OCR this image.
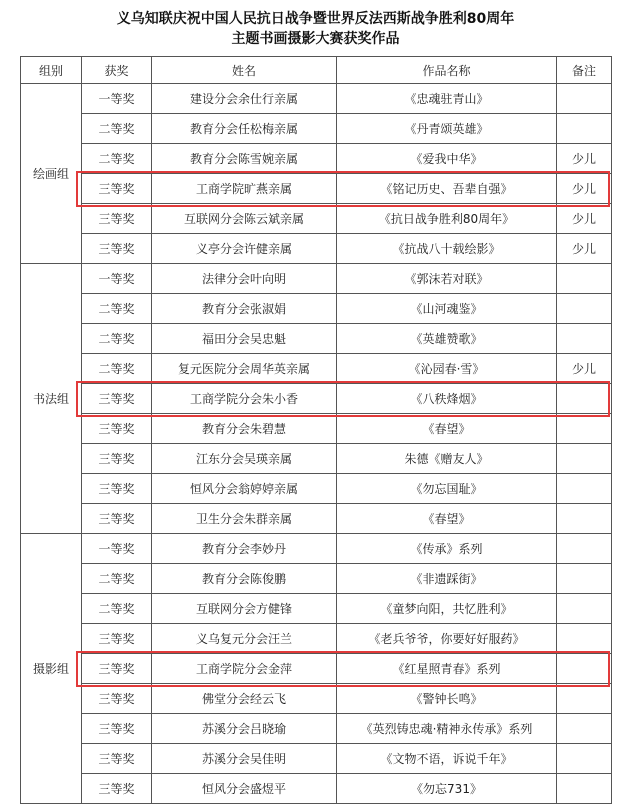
义乌知联庆祝中国人民抗日战争暨世界反法西斯战争胜利80周年
主题书画摄影大赛获奖作品
组别	获奖	姓名	作品名称	备注
绘画组	一等奖	建设分会余仕行亲属	《忠魂驻青山》	
	二等奖	教育分会任松梅亲属	《丹青颂英雄》	
	二等奖	教育分会陈雪婉亲属	《爱我中华》	少儿
	三等奖	工商学院旷燕亲属	《铭记历史、吾辈自强》	少儿
	三等奖	互联网分会陈云斌亲属	《抗日战争胜利80周年》	少儿
	三等奖	义亭分会许健亲属	《抗战八十载绘影》	少儿
书法组	一等奖	法律分会叶向明	《郭沫若对联》	
	二等奖	教育分会张淑娟	《山河魂鉴》	
	二等奖	福田分会吴忠魁	《英雄赞歌》	
	二等奖	复元医院分会周华英亲属	《沁园春·雪》	少儿
	三等奖	工商学院分会朱小香	《八秩烽烟》	
	三等奖	教育分会朱碧慧	《春望》	
	三等奖	江东分会吴瑛亲属	朱德《赠友人》	
	三等奖	恒风分会翁婷婷亲属	《勿忘国耻》	
	三等奖	卫生分会朱群亲属	《春望》	
摄影组	一等奖	教育分会李妙丹	《传承》系列	
	二等奖	教育分会陈俊鹏	《非遗踩街》	
	二等奖	互联网分会方健锋	《童梦向阳，共忆胜利》	
	三等奖	义乌复元分会汪兰	《老兵爷爷，你要好好服药》	
	三等奖	工商学院分会金萍	《红星照青春》系列	
	三等奖	佛堂分会经云飞	《警钟长鸣》	
	三等奖	苏溪分会吕晓瑜	《英烈铸忠魂·精神永传承》系列	
	三等奖	苏溪分会吴佳明	《文物不语，诉说千年》	
	三等奖	恒风分会盛煜平	《勿忘731》	
